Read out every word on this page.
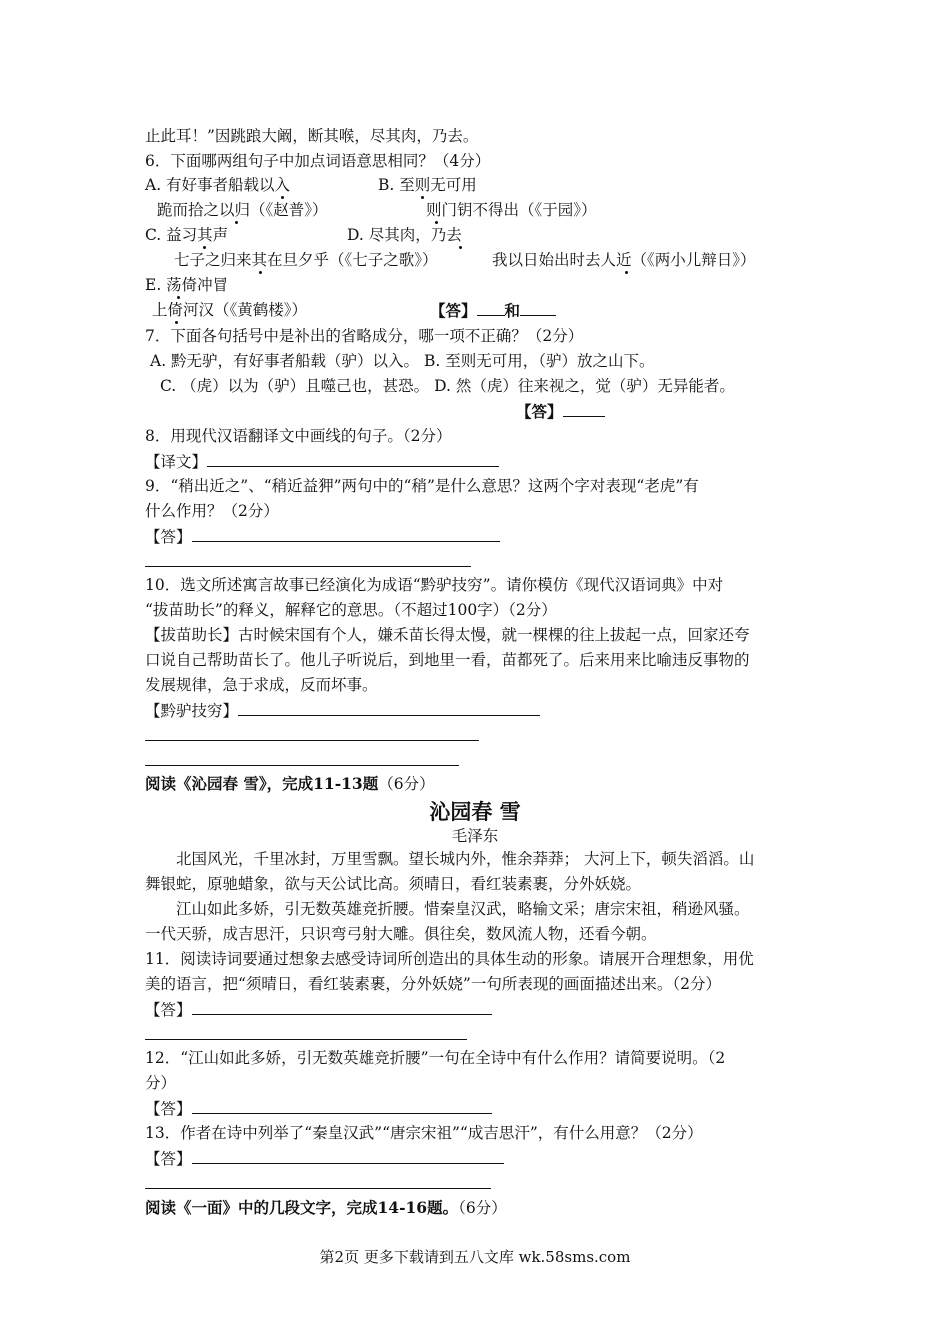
止此耳！”因跳踉大阚，断其喉，尽其肉，乃去。
6．下面哪两组句子中加点词语意思相同？（4分）
A. 有好事者船载以入	B. 至则无可用
跪而拾之以归（《赵普》）	则门钥不得出（《于园》）
C. 益习其声	D. 尽其肉，乃去
七子之归来其在旦夕乎（《七子之歌》）	我以日始出时去人近（《两小儿辩日》）
E. 荡倚冲冒
上倚河汉（《黄鹤楼》）	【答】 和
7．下面各句括号中是补出的省略成分，哪一项不正确？（2分）
A. 黔无驴，有好事者船载（驴）以入。 B. 至则无可用，（驴）放之山下。
C. （虎）以为（驴）且噬己也，甚恐。 D. 然（虎）往来视之，觉（驴）无异能者。
【答】
8．用现代汉语翻译文中画线的句子。（2分）
【译文】
9．“稍出近之”、“稍近益狎”两句中的“稍”是什么意思？这两个字对表现“老虎”有
什么作用？（2分）
【答】
10．选文所述寓言故事已经演化为成语“黔驴技穷”。请你模仿《现代汉语词典》中对
“拔苗助长”的释义，解释它的意思。（不超过100字）（2分）
【拔苗助长】古时候宋国有个人，嫌禾苗长得太慢，就一棵棵的往上拔起一点，回家还夸
口说自己帮助苗长了。他儿子听说后，到地里一看，苗都死了。后来用来比喻违反事物的
发展规律，急于求成，反而坏事。
【黔驴技穷】
阅读《沁园春 雪》，完成11-13题（6分）
沁园春 雪
毛泽东
北国风光，千里冰封，万里雪飘。望长城内外，惟余莽莽； 大河上下，顿失滔滔。山
舞银蛇，原驰蜡象，欲与天公试比高。须晴日，看红装素裹，分外妖娆。
江山如此多娇，引无数英雄竞折腰。惜秦皇汉武，略输文采；唐宗宋祖，稍逊风骚。
一代天骄，成吉思汗，只识弯弓射大雕。俱往矣，数风流人物，还看今朝。
11．阅读诗词要通过想象去感受诗词所创造出的具体生动的形象。请展开合理想象，用优
美的语言，把“须晴日，看红装素裹，分外妖娆”一句所表现的画面描述出来。（2分）
【答】
12．“江山如此多娇，引无数英雄竞折腰”一句在全诗中有什么作用？请简要说明。（2
分）
【答】
13．作者在诗中列举了“秦皇汉武”“唐宗宋祖”“成吉思汗”，有什么用意？（2分）
【答】
阅读《一面》中的几段文字，完成14-16题。（6分）
第2页 更多下载请到五八文库 wk.58sms.com
